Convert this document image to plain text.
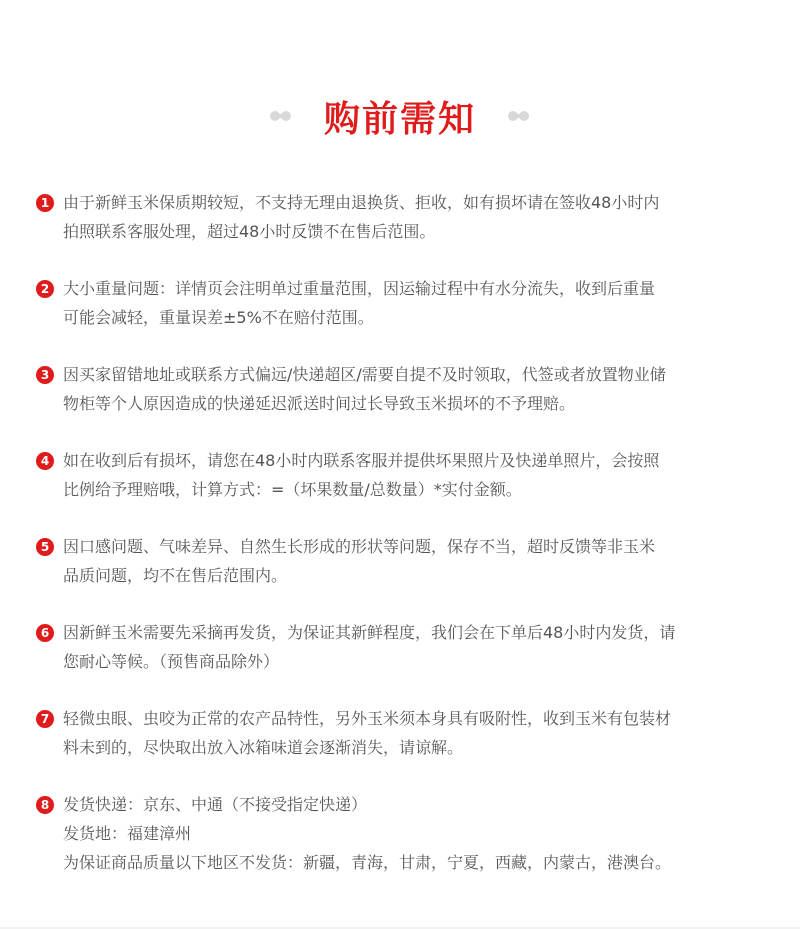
购前需知
1 由于新鲜玉米保质期较短，不支持无理由退换货、拒收，如有损坏请在签收48小时内
拍照联系客服处理，超过48小时反馈不在售后范围。
2 大小重量问题：详情页会注明单过重量范围，因运输过程中有水分流失，收到后重量
可能会减轻，重量误差±5%不在赔付范围。
3 因买家留错地址或联系方式偏远/快递超区/需要自提不及时领取，代签或者放置物业储
物柜等个人原因造成的快递延迟派送时间过长导致玉米损坏的不予理赔。
4 如在收到后有损坏，请您在48小时内联系客服并提供坏果照片及快递单照片，会按照
比例给予理赔哦，计算方式：=（坏果数量/总数量）*实付金额。
5 因口感问题、气味差异、自然生长形成的形状等问题，保存不当，超时反馈等非玉米
品质问题，均不在售后范围内。
6 因新鲜玉米需要先采摘再发货，为保证其新鲜程度，我们会在下单后48小时内发货，请
您耐心等候。（预售商品除外）
7 轻微虫眼、虫咬为正常的农产品特性，另外玉米须本身具有吸附性，收到玉米有包装材
料未到的，尽快取出放入冰箱味道会逐渐消失，请谅解。
8 发货快递：京东、中通（不接受指定快递）
发货地：福建漳州
为保证商品质量以下地区不发货：新疆，青海，甘肃，宁夏，西藏，内蒙古，港澳台。
